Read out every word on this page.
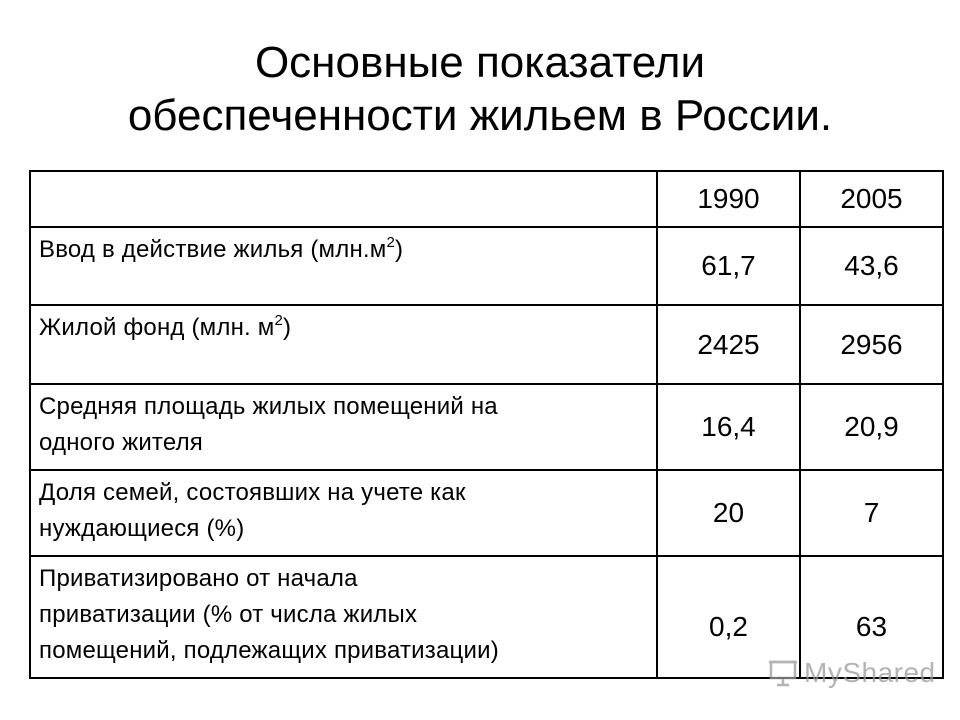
Основные показатели
обеспеченности жильем в России.
	1990	2005
Ввод в действие жилья $(млн.м^2)$	61,7	43,6
Жилой фонд (млн. $м^2$)	2425	2956

Средняя площадь жилых помещений на
одного жителя	16,4	20,9

Доля семей, состоявших на учете как
нуждающиеся (%)	20	7

Приватизировано от начала
приватизации (% от числа жилых
помещений, подлежащих приватизации)	0,2	63
MyShared
